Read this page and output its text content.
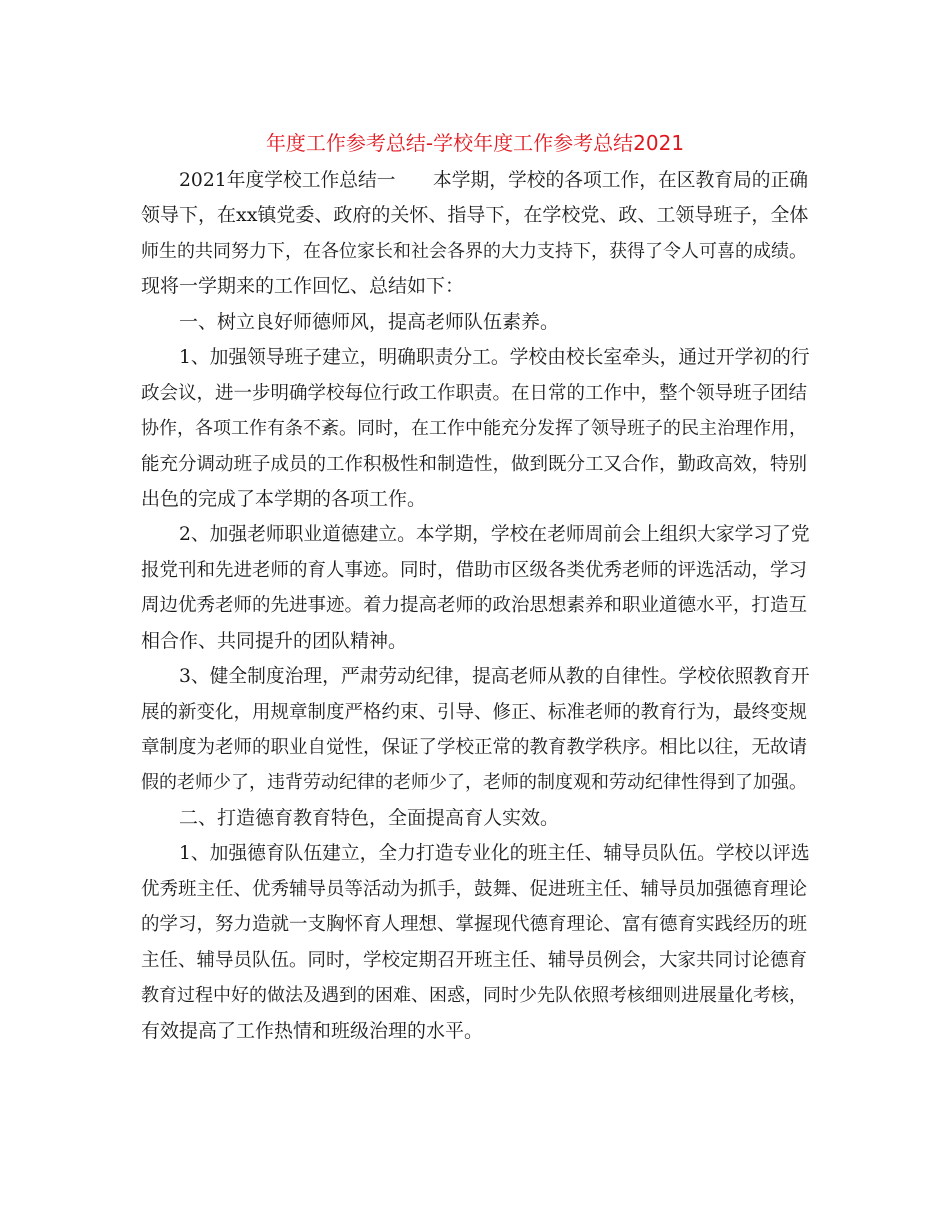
年度工作参考总结-学校年度工作参考总结2021
2021年度学校工作总结一　　本学期，学校的各项工作，在区教育局的正确
领导下，在xx镇党委、政府的关怀、指导下，在学校党、政、工领导班子，全体
师生的共同努力下，在各位家长和社会各界的大力支持下，获得了令人可喜的成绩。
现将一学期来的工作回忆、总结如下：
一、树立良好师德师风，提高老师队伍素养。
1、加强领导班子建立，明确职责分工。学校由校长室牵头，通过开学初的行
政会议，进一步明确学校每位行政工作职责。在日常的工作中，整个领导班子团结
协作，各项工作有条不紊。同时，在工作中能充分发挥了领导班子的民主治理作用，
能充分调动班子成员的工作积极性和制造性，做到既分工又合作，勤政高效，特别
出色的完成了本学期的各项工作。
2、加强老师职业道德建立。本学期，学校在老师周前会上组织大家学习了党
报党刊和先进老师的育人事迹。同时，借助市区级各类优秀老师的评选活动，学习
周边优秀老师的先进事迹。着力提高老师的政治思想素养和职业道德水平，打造互
相合作、共同提升的团队精神。
3、健全制度治理，严肃劳动纪律，提高老师从教的自律性。学校依照教育开
展的新变化，用规章制度严格约束、引导、修正、标准老师的教育行为，最终变规
章制度为老师的职业自觉性，保证了学校正常的教育教学秩序。相比以往，无故请
假的老师少了，违背劳动纪律的老师少了，老师的制度观和劳动纪律性得到了加强。
二、打造德育教育特色，全面提高育人实效。
1、加强德育队伍建立，全力打造专业化的班主任、辅导员队伍。学校以评选
优秀班主任、优秀辅导员等活动为抓手，鼓舞、促进班主任、辅导员加强德育理论
的学习，努力造就一支胸怀育人理想、掌握现代德育理论、富有德育实践经历的班
主任、辅导员队伍。同时，学校定期召开班主任、辅导员例会，大家共同讨论德育
教育过程中好的做法及遇到的困难、困惑，同时少先队依照考核细则进展量化考核，
有效提高了工作热情和班级治理的水平。
